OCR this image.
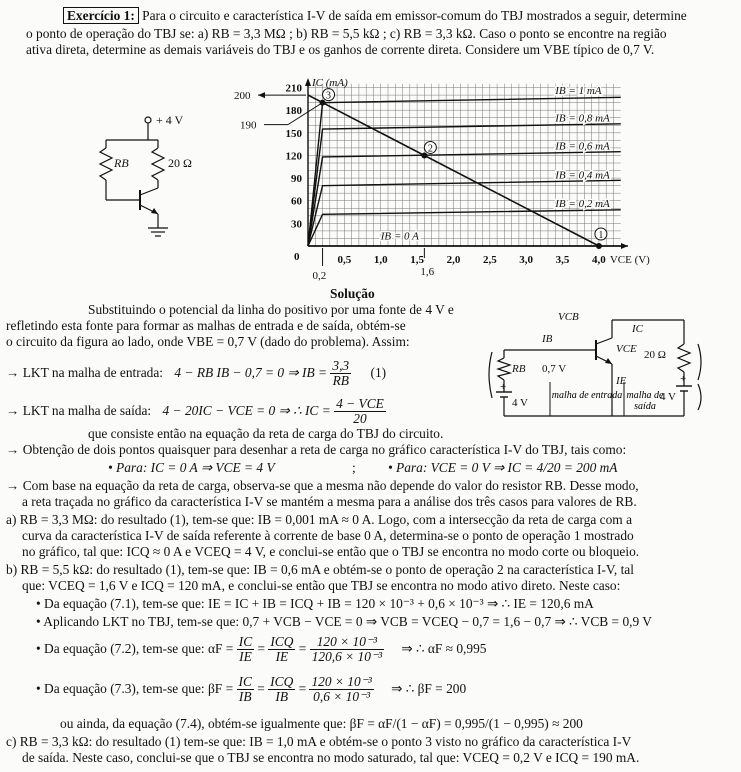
Exercício 1: Para o circuito e característica I-V de saída em emissor-comum do TBJ mostrados a seguir, determine
o ponto de operação do TBJ se: a) RB = 3,3 MΩ ; b) RB = 5,5 kΩ ; c) RB = 3,3 kΩ. Caso o ponto se encontre na região
ativa direta, determine as demais variáveis do TBJ e os ganhos de corrente direta. Considere um VBE típico de 0,7 V.
+ 4 V
RB	20 Ω
30
60
90
120
150
180
210
0,5 1,0 1,5 2,0 2,5 3,0 3,5 4,0
0
IC (mA)
VCE (V)
200
190
0,2	1,6
IB = 1 mA
IB = 0,8 mA
IB = 0,6 mA
IB = 0,4 mA
IB = 0,2 mA
IB = 0 A	1
2
3
Solução
Substituindo o potencial da linha do positivo por uma fonte de 4 V e
refletindo esta fonte para formar as malhas de entrada e de saída, obtém-se
o circuito da figura ao lado, onde VBE = 0,7 V (dado do problema). Assim:
→ LKT na malha de entrada: 4 − RB IB − 0,7 = 0 ⇒ IB = $\frac{3,3}{RB} (1)$
→ LKT na malha de saída: 4 − 20IC − VCE = 0 ⇒ ∴ IC = $\frac{\text{4 − VCE}}{20}$
VCB
IC
VCE 20 Ω
IB
RB 0,7 V
IE
4 V
+
+
4 V
malha de entrada malha de saída
que consiste então na equação da reta de carga do TBJ do circuito.
→ Obtenção de dois pontos quaisquer para desenhar a reta de carga no gráfico característica I-V do TBJ, tais como:
• Para: IC = 0 A ⇒ VCE = 4 V	; • Para: VCE = 0 V ⇒ IC = 4/20 = 200 mA
→ Com base na equação da reta de carga, observa-se que a mesma não depende do valor do resistor RB. Desse modo,
a reta traçada no gráfico da característica I-V se mantém a mesma para a análise dos três casos para valores de RB.
a) RB = 3,3 MΩ: do resultado (1), tem-se que: IB = 0,001 mA ≈ 0 A. Logo, com a intersecção da reta de carga com a
curva da característica I-V de saída referente à corrente de base 0 A, determina-se o ponto de operação 1 mostrado
no gráfico, tal que: ICQ ≈ 0 A e VCEQ = 4 V, e conclui-se então que o TBJ se encontra no modo corte ou bloqueio.
b) RB = 5,5 kΩ: do resultado (1), tem-se que: IB = 0,6 mA e obtém-se o ponto de operação 2 na característica I-V, tal
que: VCEQ = 1,6 V e ICQ = 120 mA, e conclui-se então que TBJ se encontra no modo ativo direto. Neste caso:
• Da equação (7.1), tem-se que: IE = IC + IB = ICQ + IB = 120 × 10⁻³ + 0,6 × 10⁻³ ⇒ ∴ IE = 120,6 mA
• Aplicando LKT no TBJ, tem-se que: 0,7 + VCB − VCE = 0 ⇒ VCB = VCEQ − 0,7 = 1,6 − 0,7 ⇒ ∴ VCB = 0,9 V
• Da equação (7.2), tem-se que: $\alpha F = \frac{IC}{IE} = \frac{\text{ICQ}}{IE} = \frac{\text{120 × 10⁻³}}{\text{120,6 × 10⁻³}}$ ⇒ ∴ αF ≈ 0,995
• Da equação (7.3), tem-se que: $\beta F = \frac{IC}{IB} = \frac{\text{ICQ}}{IB} = \frac{\text{120 × 10⁻³}}{\text{0,6 × 10⁻³}}$ ⇒ ∴ βF = 200
ou ainda, da equação (7.4), obtém-se igualmente que: βF = αF/(1 − αF) = 0,995/(1 − 0,995) ≈ 200
c) RB = 3,3 kΩ: do resultado (1) tem-se que: IB = 1,0 mA e obtém-se o ponto 3 visto no gráfico da característica I-V
de saída. Neste caso, conclui-se que o TBJ se encontra no modo saturado, tal que: VCEQ = 0,2 V e ICQ = 190 mA.
